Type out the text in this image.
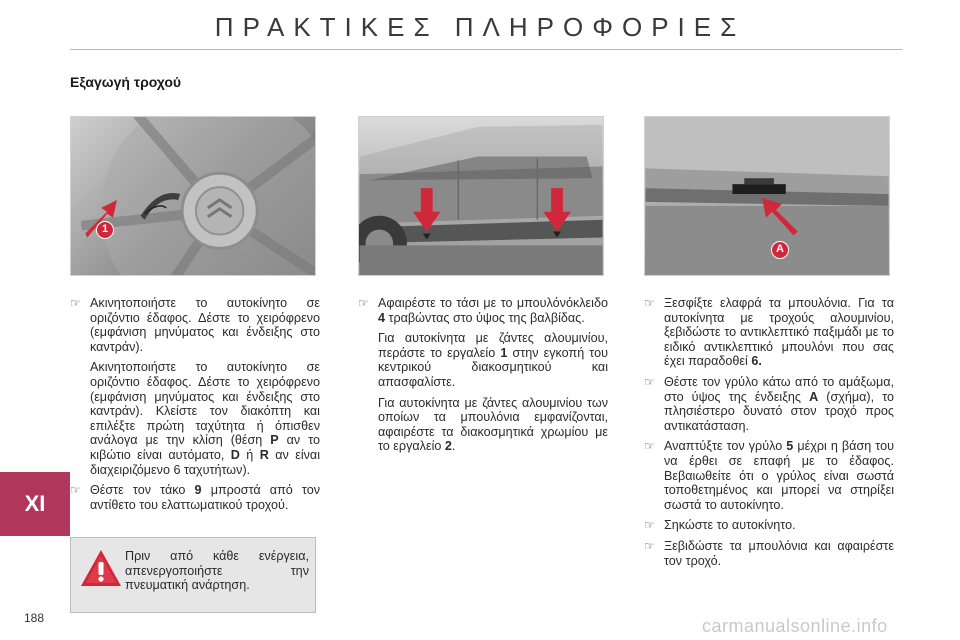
ΠΡΑΚΤΙΚΕΣ ΠΛΗΡΟΦΟΡΙΕΣ
Εξαγωγή τροχού
1
A
☞ Ακινητοποιήστε το αυτοκίνητο σε οριζόντιο έδαφος. Δέστε το χειρόφρενο (εμφάνιση μηνύματος και ένδειξης στο καντράν).

Ακινητοποιήστε το αυτοκίνητο σε οριζόντιο έδαφος. Δέστε το χειρόφρενο (εμφάνιση μηνύματος και ένδειξης στο καντράν). Κλείστε τον διακόπτη και επιλέξτε πρώτη ταχύτητα ή όπισθεν ανάλογα με την κλίση (θέση P αν το κιβώτιο είναι αυτόματο, D ή R αν είναι διαχειριζόμενο 6 ταχυτήτων).

☞ Θέστε τον τάκο 9 μπροστά από τον αντίθετο του ελαττωματικού τροχού.

☞ Αφαιρέστε το τάσι με το μπουλόνόκλειδο 4 τραβώντας στο ύψος της βαλβίδας.

Για αυτοκίνητα με ζάντες αλουμινίου, περάστε το εργαλείο 1 στην εγκοπή του κεντρικού διακοσμητικού και απασφαλίστε.

Για αυτοκίνητα με ζάντες αλουμινίου των οποίων τα μπουλόνια εμφανίζονται, αφαιρέστε τα διακοσμητικά χρωμίου με το εργαλείο 2.

☞ Ξεσφίξτε ελαφρά τα μπουλόνια. Για τα αυτοκίνητα με τροχούς αλουμινίου, ξεβιδώστε το αντικλεπτικό παξιμάδι με το ειδικό αντικλεπτικό μπουλόνι που σας έχει παραδοθεί 6.

☞ Θέστε τον γρύλο κάτω από το αμάξωμα, στο ύψος της ένδειξης A (σχήμα), το πλησιέστερο δυνατό στον τροχό προς αντικατάσταση.

☞ Αναπτύξτε τον γρύλο 5 μέχρι η βάση του να έρθει σε επαφή με το έδαφος. Βεβαιωθείτε ότι ο γρύλος είναι σωστά τοποθετημένος και μπορεί να στηρίξει σωστά το αυτοκίνητο.

☞ Σηκώστε το αυτοκίνητο.

☞ Ξεβιδώστε τα μπουλόνια και αφαιρέστε τον τροχό.

Πριν από κάθε ενέργεια, απενεργοποιήστε την πνευματική ανάρτηση.
XI
188	carmanualsonline.info
